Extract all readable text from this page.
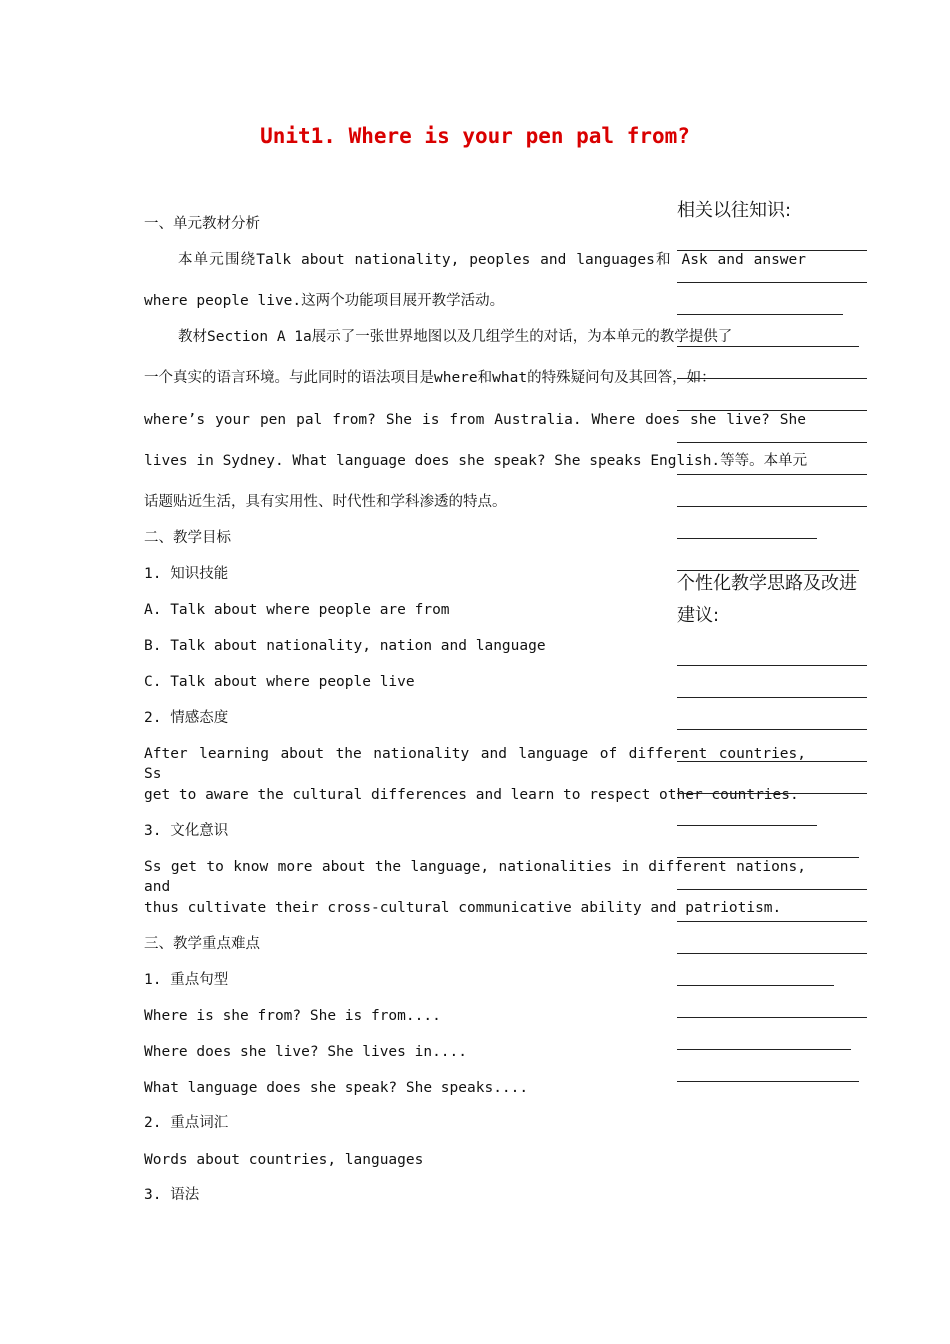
Unit1. Where is your pen pal from?
一、单元教材分析
本单元围绕Talk about nationality, peoples and languages和 Ask and answer
where people live.这两个功能项目展开教学活动。
教材Section A 1a展示了一张世界地图以及几组学生的对话，为本单元的教学提供了
一个真实的语言环境。与此同时的语法项目是where和what的特殊疑问句及其回答，如：
where’s your pen pal from? She is from Australia. Where does she live? She
lives in Sydney. What language does she speak? She speaks English.等等。本单元
话题贴近生活，具有实用性、时代性和学科渗透的特点。
二、教学目标
1. 知识技能
A. Talk about where people are from
B. Talk about nationality, nation and language
C. Talk about where people live
2. 情感态度
After learning about the nationality and language of different countries, Ss
get to aware the cultural differences and learn to respect other countries.
3. 文化意识
Ss get to know more about the language, nationalities in different nations, and
thus cultivate their cross-cultural communicative ability and patriotism.
三、教学重点难点
1. 重点句型
Where is she from? She is from....
Where does she live? She lives in....
What language does she speak? She speaks....
2. 重点词汇
Words about countries, languages
3. 语法
相关以往知识:
个性化教学思路及改进
建议:
